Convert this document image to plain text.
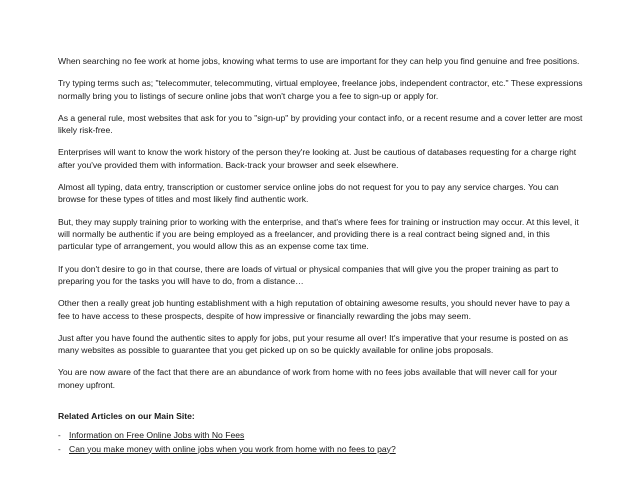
When searching no fee work at home jobs, knowing what terms to use are important for they can help you find genuine and free positions.

Try typing terms such as; "telecommuter, telecommuting, virtual employee, freelance jobs, independent contractor, etc." These expressions normally bring you to listings of secure online jobs that won't charge you a fee to sign-up or apply for.

As a general rule, most websites that ask for you to "sign-up" by providing your contact info, or a recent resume and a cover letter are most likely risk-free.

Enterprises will want to know the work history of the person they're looking at. Just be cautious of databases requesting for a charge right after you've provided them with information. Back-track your browser and seek elsewhere.

Almost all typing, data entry, transcription or customer service online jobs do not request for you to pay any service charges. You can browse for these types of titles and most likely find authentic work.

But, they may supply training prior to working with the enterprise, and that's where fees for training or instruction may occur. At this level, it will normally be authentic if you are being employed as a freelancer, and providing there is a real contract being signed and, in this particular type of arrangement, you would allow this as an expense come tax time.

If you don't desire to go in that course, there are loads of virtual or physical companies that will give you the proper training as part to preparing you for the tasks you will have to do, from a distance…

Other then a really great job hunting establishment with a high reputation of obtaining awesome results, you should never have to pay a fee to have access to these prospects, despite of how impressive or financially rewarding the jobs may seem.

Just after you have found the authentic sites to apply for jobs, put your resume all over! It's imperative that your resume is posted on as many websites as possible to guarantee that you get picked up on so be quickly available for online jobs proposals.

You are now aware of the fact that there are an abundance of work from home with no fees jobs available that will never call for your money upfront.

Related Articles on our Main Site:
- Information on Free Online Jobs with No Fees
- Can you make money with online jobs when you work from home with no fees to pay?
